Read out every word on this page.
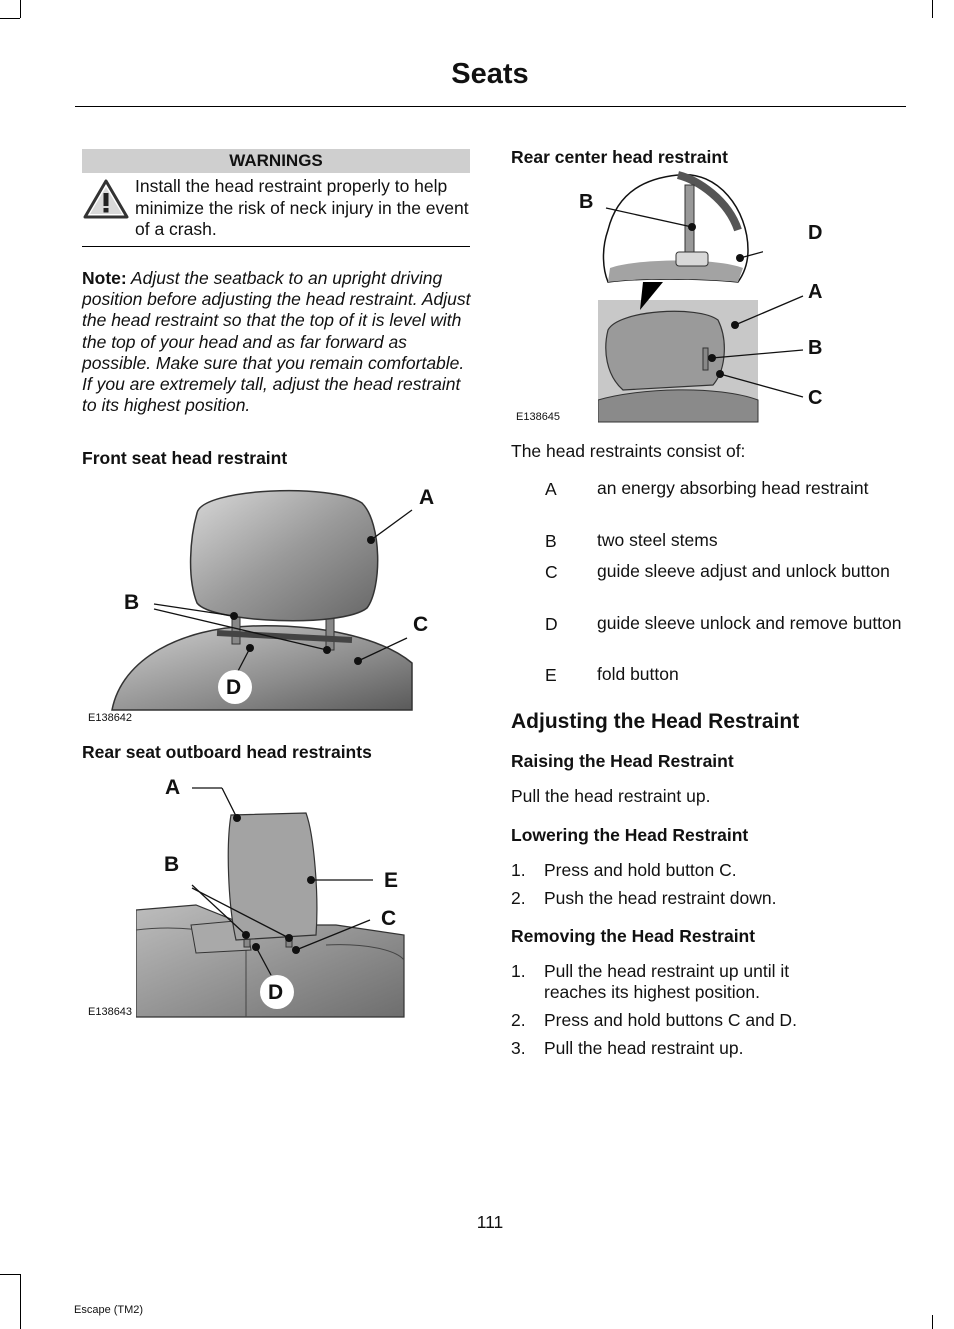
Seats
WARNINGS
Install the head restraint properly to help minimize the risk of neck injury in the event of a crash.
Note: Adjust the seatback to an upright driving position before adjusting the head restraint. Adjust the head restraint so that the top of it is level with the top of your head and as far forward as possible. Make sure that you remain comfortable. If you are extremely tall, adjust the head restraint to its highest position.
Front seat head restraint
A
B
C
D
E138642
Rear seat outboard head restraints
A
B
E
C
D
E138643
Rear center head restraint
B
D
A
B
C
E138645
The head restraints consist of:
A an energy absorbing head restraint
B two steel stems
C guide sleeve adjust and unlock button
D guide sleeve unlock and remove button
E fold button
Adjusting the Head Restraint
Raising the Head Restraint
Pull the head restraint up.
Lowering the Head Restraint
1. Press and hold button C.
2. Push the head restraint down.
Removing the Head Restraint
1. Pull the head restraint up until it reaches its highest position.
2. Press and hold buttons C and D.
3. Pull the head restraint up.
111
Escape (TM2)
